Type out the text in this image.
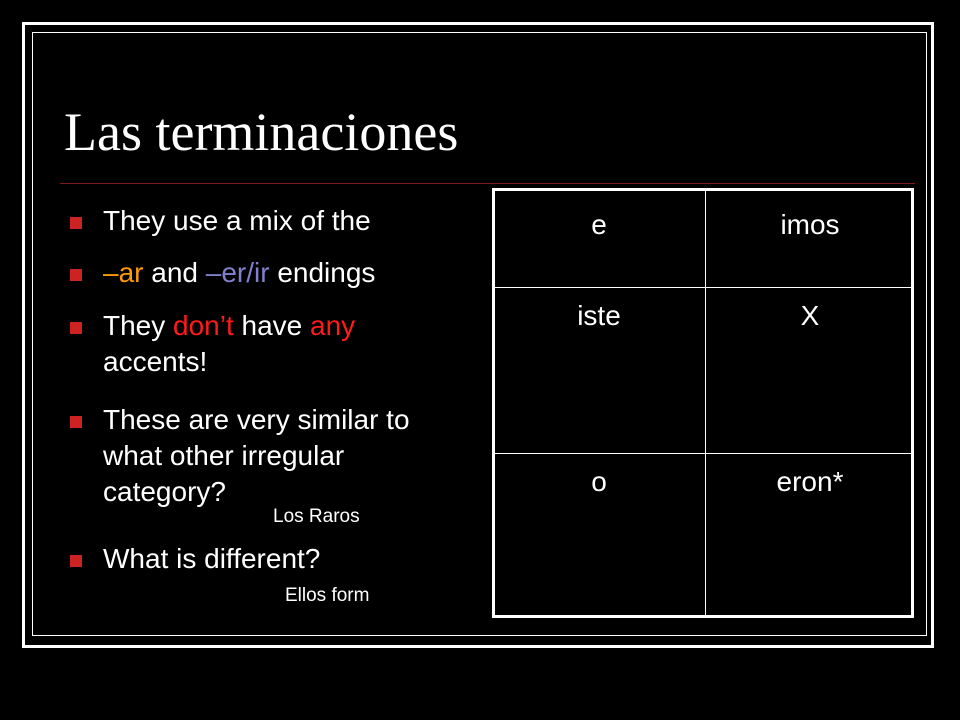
Las terminaciones
They use a mix of the
–ar and –er/ir endings
They don’t have any accents!
These are very similar to what other irregular category?
What is different?
Los Raros
Ellos form
e	imos
iste	X
o	eron*
